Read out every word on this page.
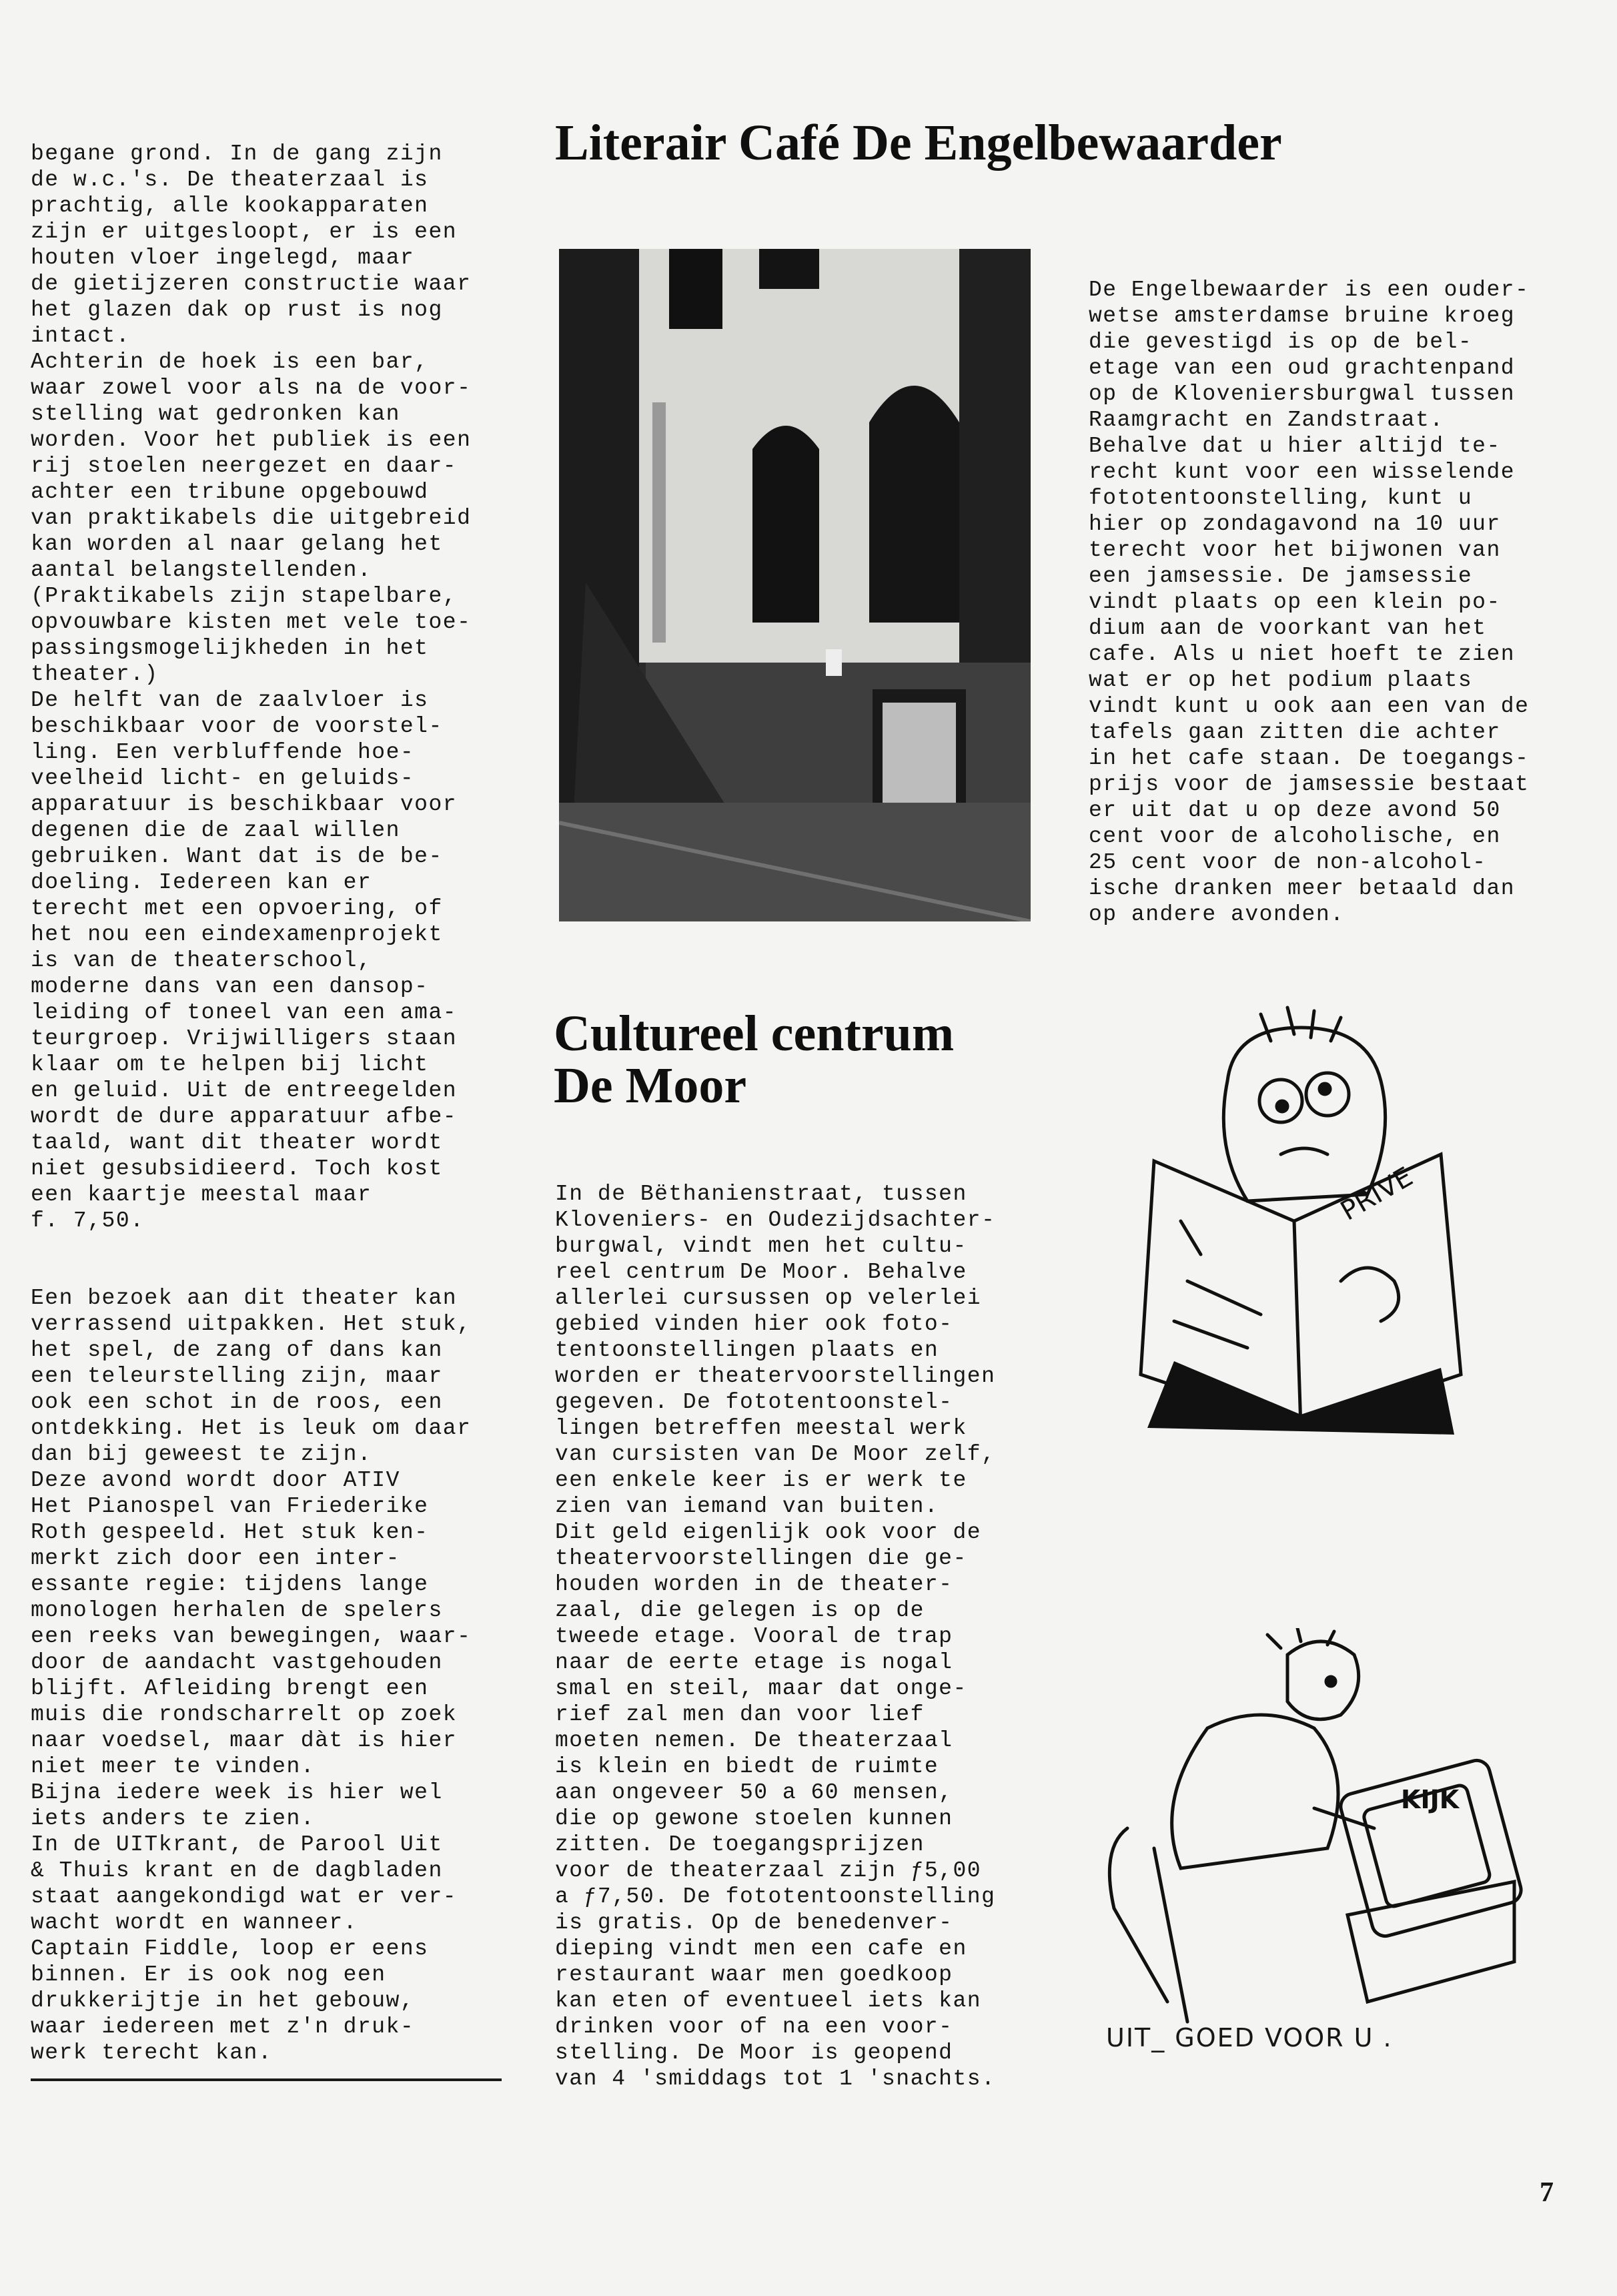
begane grond. In de gang zijn
de w.c.'s. De theaterzaal is
prachtig, alle kookapparaten
zijn er uitgesloopt, er is een
houten vloer ingelegd, maar
de gietijzeren constructie waar
het glazen dak op rust is nog
intact.
Achterin de hoek is een bar,
waar zowel voor als na de voor-
stelling wat gedronken kan
worden. Voor het publiek is een
rij stoelen neergezet en daar-
achter een tribune opgebouwd
van praktikabels die uitgebreid
kan worden al naar gelang het
aantal belangstellenden.
(Praktikabels zijn stapelbare,
opvouwbare kisten met vele toe-
passingsmogelijkheden in het
theater.)
De helft van de zaalvloer is
beschikbaar voor de voorstel-
ling. Een verbluffende hoe-
veelheid licht- en geluids-
apparatuur is beschikbaar voor
degenen die de zaal willen
gebruiken. Want dat is de be-
doeling. Iedereen kan er
terecht met een opvoering, of
het nou een eindexamenprojekt
is van de theaterschool,
moderne dans van een dansop-
leiding of toneel van een ama-
teurgroep. Vrijwilligers staan
klaar om te helpen bij licht
en geluid. Uit de entreegelden
wordt de dure apparatuur afbe-
taald, want dit theater wordt
niet gesubsidieerd. Toch kost
een kaartje meestal maar
f. 7,50.

Een bezoek aan dit theater kan
verrassend uitpakken. Het stuk,
het spel, de zang of dans kan
een teleurstelling zijn, maar
ook een schot in de roos, een
ontdekking. Het is leuk om daar
dan bij geweest te zijn.
Deze avond wordt door ATIV
Het Pianospel van Friederike
Roth gespeeld. Het stuk ken-
merkt zich door een inter-
essante regie: tijdens lange
monologen herhalen de spelers
een reeks van bewegingen, waar-
door de aandacht vastgehouden
blijft. Afleiding brengt een
muis die rondscharrelt op zoek
naar voedsel, maar dàt is hier
niet meer te vinden.
Bijna iedere week is hier wel
iets anders te zien.
In de UITkrant, de Parool Uit
& Thuis krant en de dagbladen
staat aangekondigd wat er ver-
wacht wordt en wanneer.
Captain Fiddle, loop er eens
binnen. Er is ook nog een
drukkerijtje in het gebouw,
waar iedereen met z'n druk-
werk terecht kan.

Literair Café De Engelbewaarder
De Engelbewaarder is een ouder-
wetse amsterdamse bruine kroeg
die gevestigd is op de bel-
etage van een oud grachtenpand
op de Kloveniersburgwal tussen
Raamgracht en Zandstraat.
Behalve dat u hier altijd te-
recht kunt voor een wisselende
fototentoonstelling, kunt u
hier op zondagavond na 10 uur
terecht voor het bijwonen van
een jamsessie. De jamsessie
vindt plaats op een klein po-
dium aan de voorkant van het
cafe. Als u niet hoeft te zien
wat er op het podium plaats
vindt kunt u ook aan een van de
tafels gaan zitten die achter
in het cafe staan. De toegangs-
prijs voor de jamsessie bestaat
er uit dat u op deze avond 50
cent voor de alcoholische, en
25 cent voor de non-alcohol-
ische dranken meer betaald dan
op andere avonden.
Cultureel centrum
De Moor
In de Bëthanienstraat, tussen
Kloveniers- en Oudezijdsachter-
burgwal, vindt men het cultu-
reel centrum De Moor. Behalve
allerlei cursussen op velerlei
gebied vinden hier ook foto-
tentoonstellingen plaats en
worden er theatervoorstellingen
gegeven. De fototentoonstel-
lingen betreffen meestal werk
van cursisten van De Moor zelf,
een enkele keer is er werk te
zien van iemand van buiten.
Dit geld eigenlijk ook voor de
theatervoorstellingen die ge-
houden worden in de theater-
zaal, die gelegen is op de
tweede etage. Vooral de trap
naar de eerte etage is nogal
smal en steil, maar dat onge-
rief zal men dan voor lief
moeten nemen. De theaterzaal
is klein en biedt de ruimte
aan ongeveer 50 a 60 mensen,
die op gewone stoelen kunnen
zitten. De toegangsprijzen
voor de theaterzaal zijn ƒ5,00
a ƒ7,50. De fototentoonstelling
is gratis. Op de benedenver-
dieping vindt men een cafe en
restaurant waar men goedkoop
kan eten of eventueel iets kan
drinken voor of na een voor-
stelling. De Moor is geopend
van 4 'smiddags tot 1 'snachts.
PRIVE
KIJK
UIT_ GOED VOOR U .
7
